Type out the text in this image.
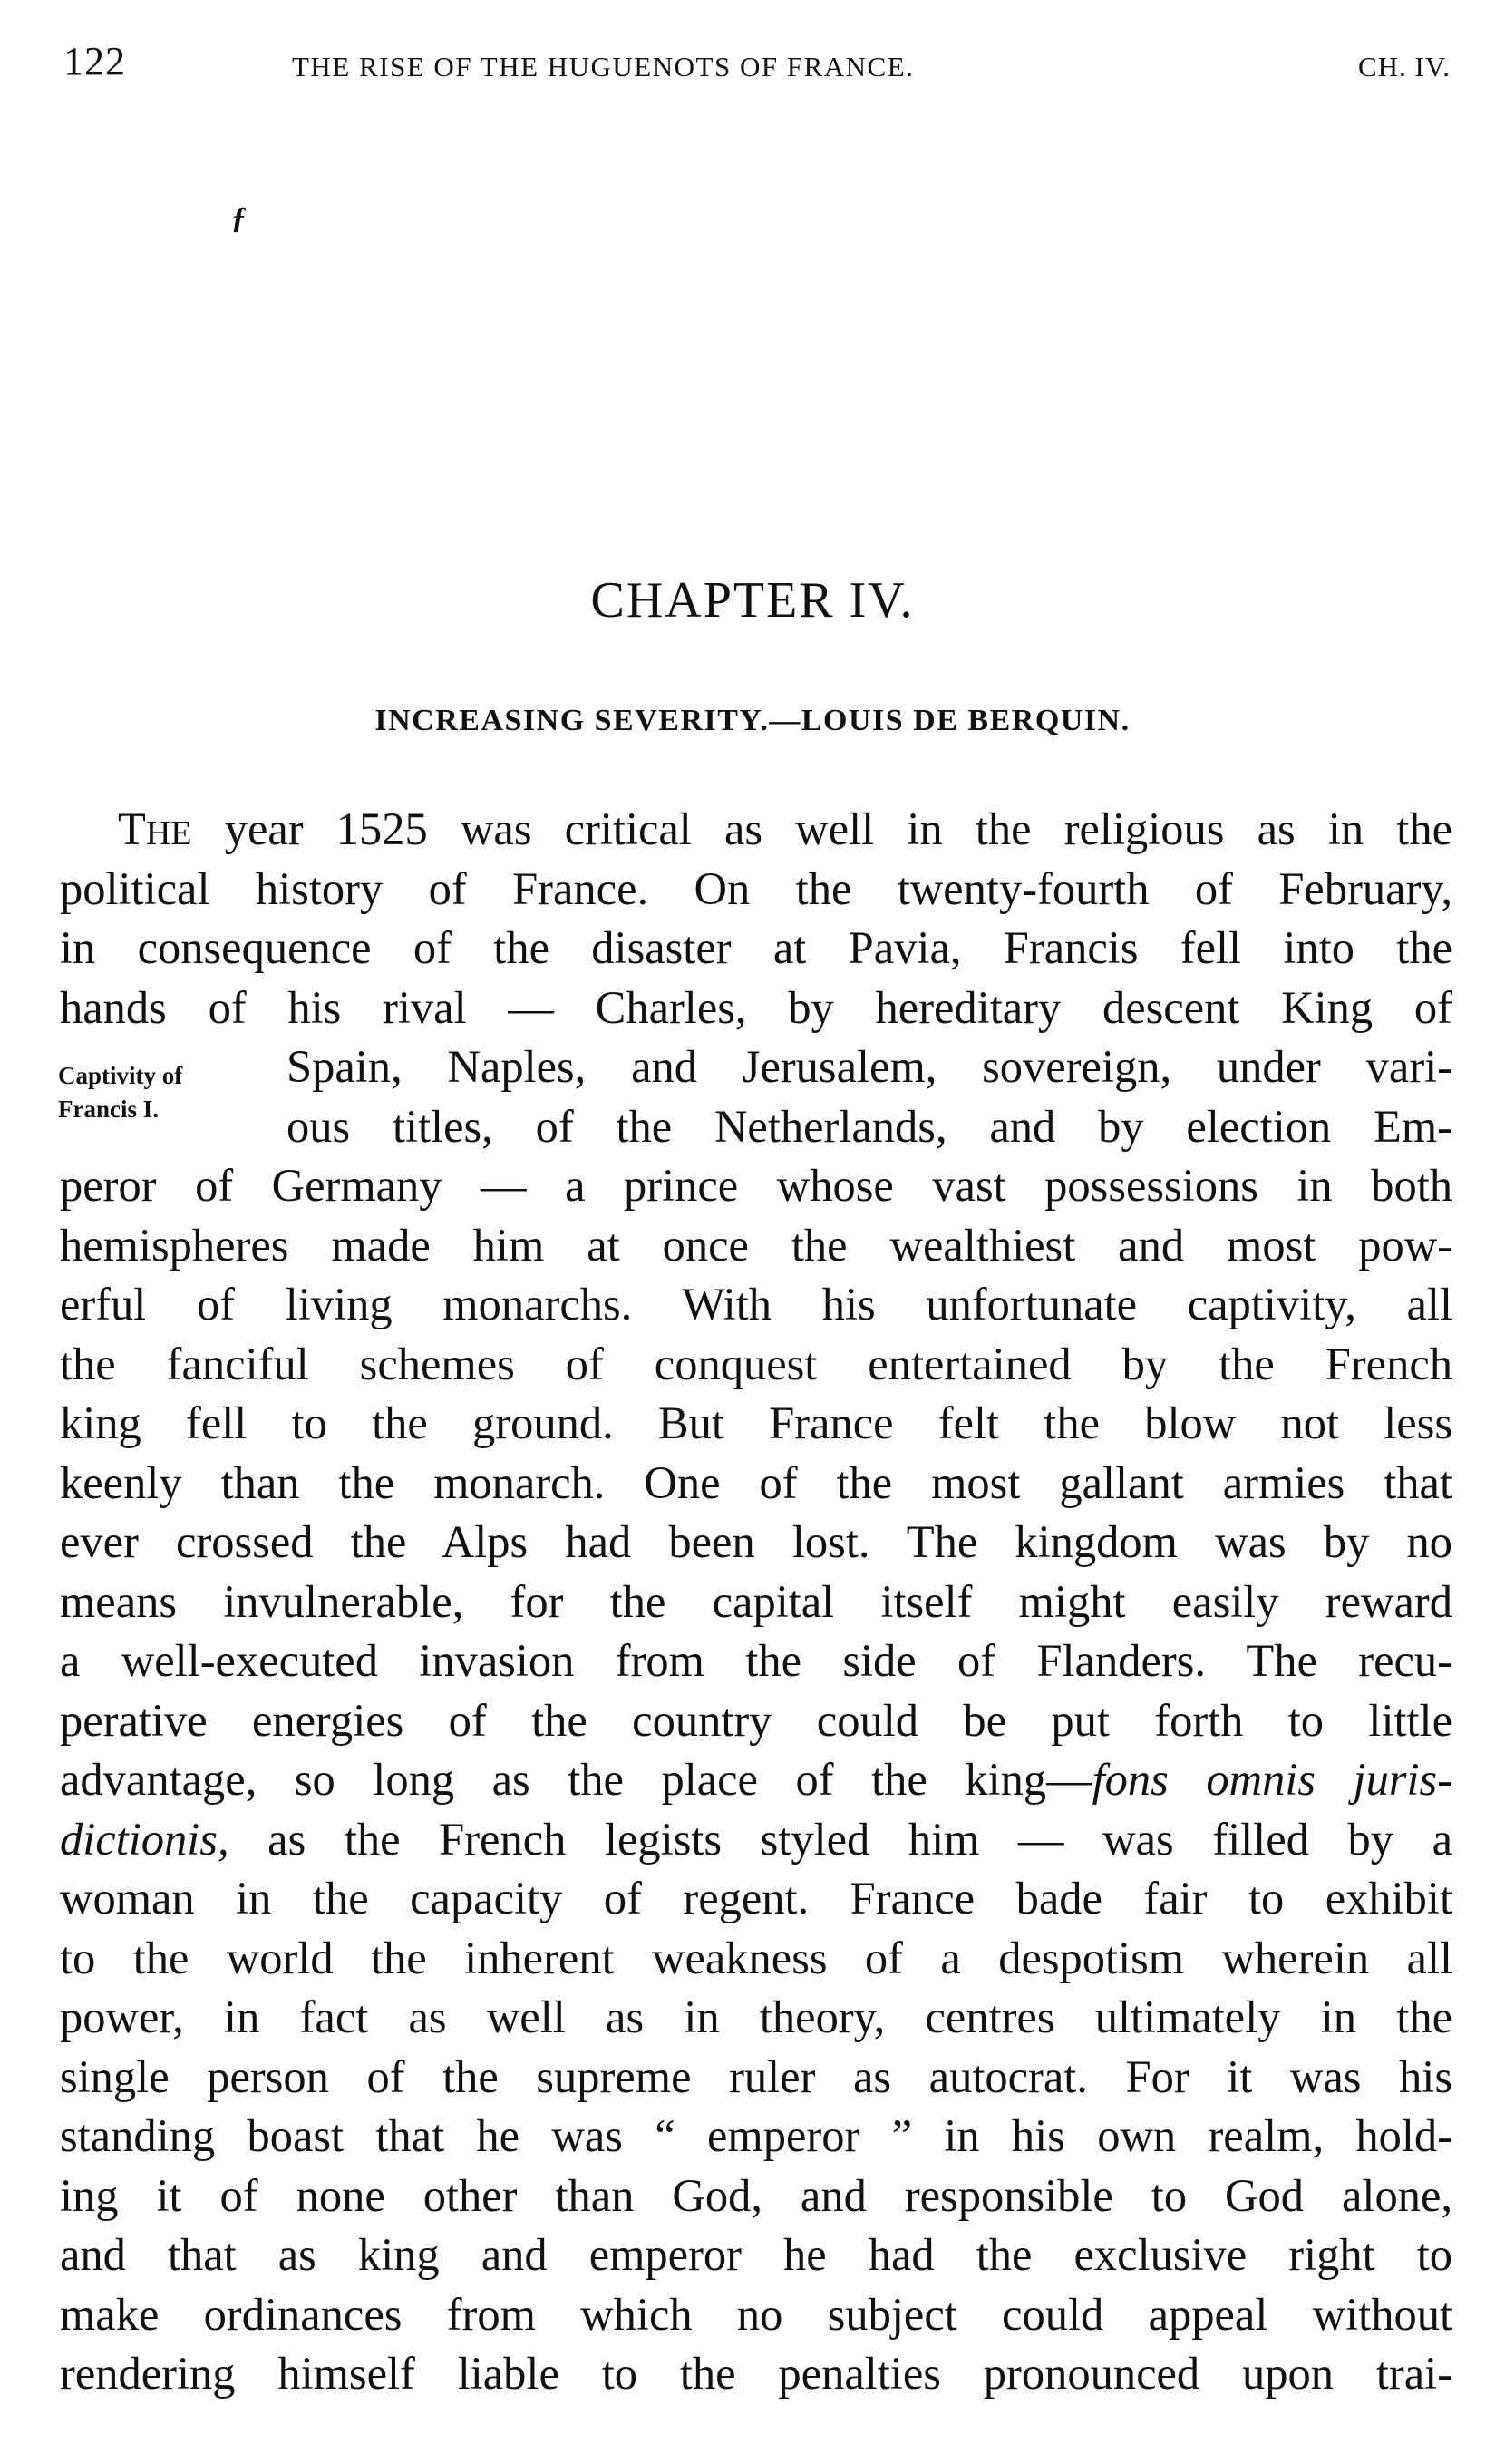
122	THE RISE OF THE HUGUENOTS OF FRANCE.	CH. IV.
ƒ
CHAPTER IV.
INCREASING SEVERITY.—LOUIS DE BERQUIN.
Captivity of
Francis I.
THE year 1525 was critical as well in the religious as in the
political history of France. On the twenty-fourth of February,
in consequence of the disaster at Pavia, Francis fell into the
hands of his rival — Charles, by hereditary descent King of
Spain, Naples, and Jerusalem, sovereign, under vari-
ous titles, of the Netherlands, and by election Em-
peror of Germany — a prince whose vast possessions in both
hemispheres made him at once the wealthiest and most pow-
erful of living monarchs. With his unfortunate captivity, all
the fanciful schemes of conquest entertained by the French
king fell to the ground. But France felt the blow not less
keenly than the monarch. One of the most gallant armies that
ever crossed the Alps had been lost. The kingdom was by no
means invulnerable, for the capital itself might easily reward
a well-executed invasion from the side of Flanders. The recu-
perative energies of the country could be put forth to little
advantage, so long as the place of the king—fons omnis juris-
dictionis, as the French legists styled him — was filled by a
woman in the capacity of regent. France bade fair to exhibit
to the world the inherent weakness of a despotism wherein all
power, in fact as well as in theory, centres ultimately in the
single person of the supreme ruler as autocrat. For it was his
standing boast that he was “ emperor ” in his own realm, hold-
ing it of none other than God, and responsible to God alone,
and that as king and emperor he had the exclusive right to
make ordinances from which no subject could appeal without
rendering himself liable to the penalties pronounced upon trai-
